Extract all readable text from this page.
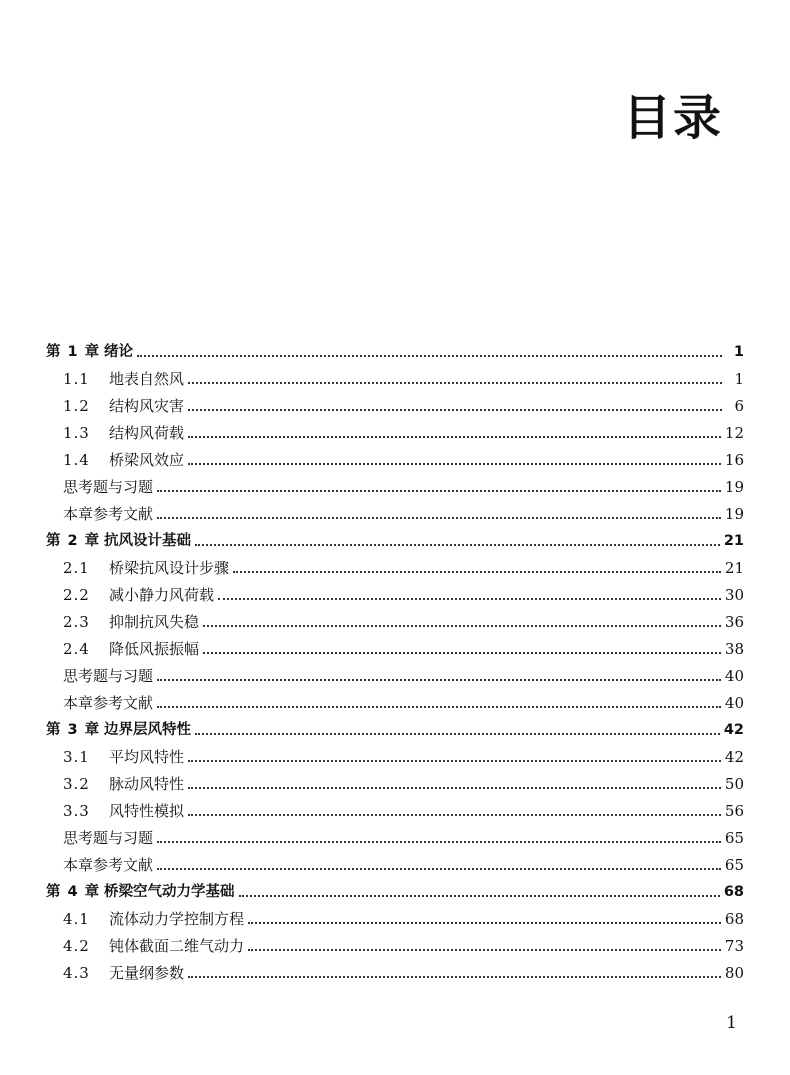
目录
第 1 章 绪论	1
1.1	地表自然风	1
1.2	结构风灾害	6
1.3	结构风荷载	12
1.4	桥梁风效应	16
思考题与习题	19
本章参考文献	19
第 2 章 抗风设计基础	21
2.1	桥梁抗风设计步骤	21
2.2	减小静力风荷载	30
2.3	抑制抗风失稳	36
2.4	降低风振振幅	38
思考题与习题	40
本章参考文献	40
第 3 章 边界层风特性	42
3.1	平均风特性	42
3.2	脉动风特性	50
3.3	风特性模拟	56
思考题与习题	65
本章参考文献	65
第 4 章 桥梁空气动力学基础	68
4.1	流体动力学控制方程	68
4.2	钝体截面二维气动力	73
4.3	无量纲参数	80
1
